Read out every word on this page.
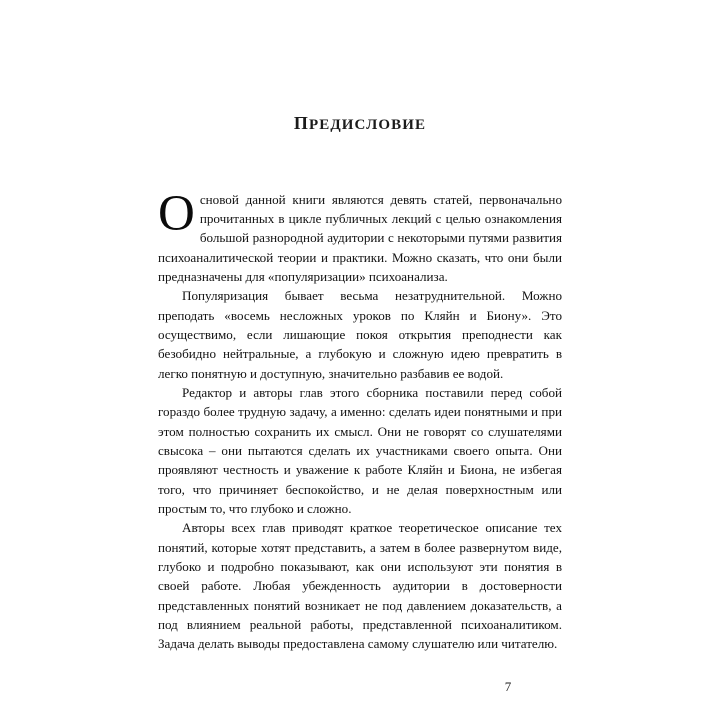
предисловие

Основой данной книги являются девять статей, первоначально прочитанных в цикле публичных лекций с целью ознакомления большой разнородной аудитории с некоторыми путями развития психоаналитической теории и практики. Можно сказать, что они были предназначены для «популяризации» психоанализа.

Популяризация бывает весьма незатруднительной. Можно преподать «восемь несложных уроков по Кляйн и Биону». Это осуществимо, если лишающие покоя открытия преподнести как безобидно нейтральные, а глубокую и сложную идею превратить в легко понятную и доступную, значительно разбавив ее водой.

Редактор и авторы глав этого сборника поставили перед собой гораздо более трудную задачу, а именно: сделать идеи понятными и при этом полностью сохранить их смысл. Они не говорят со слушателями свысока – они пытаются сделать их участниками своего опыта. Они проявляют честность и уважение к работе Кляйн и Биона, не избегая того, что причиняет беспокойство, и не делая поверхностным или простым то, что глубоко и сложно.

Авторы всех глав приводят краткое теоретическое описание тех понятий, которые хотят представить, а затем в более развернутом виде, глубоко и подробно показывают, как они используют эти понятия в своей работе. Любая убежденность аудитории в достоверности представленных понятий возникает не под давлением доказательств, а под влиянием реальной работы, представленной психоаналитиком. Задача делать выводы предоставлена самому слушателю или читателю.

7
